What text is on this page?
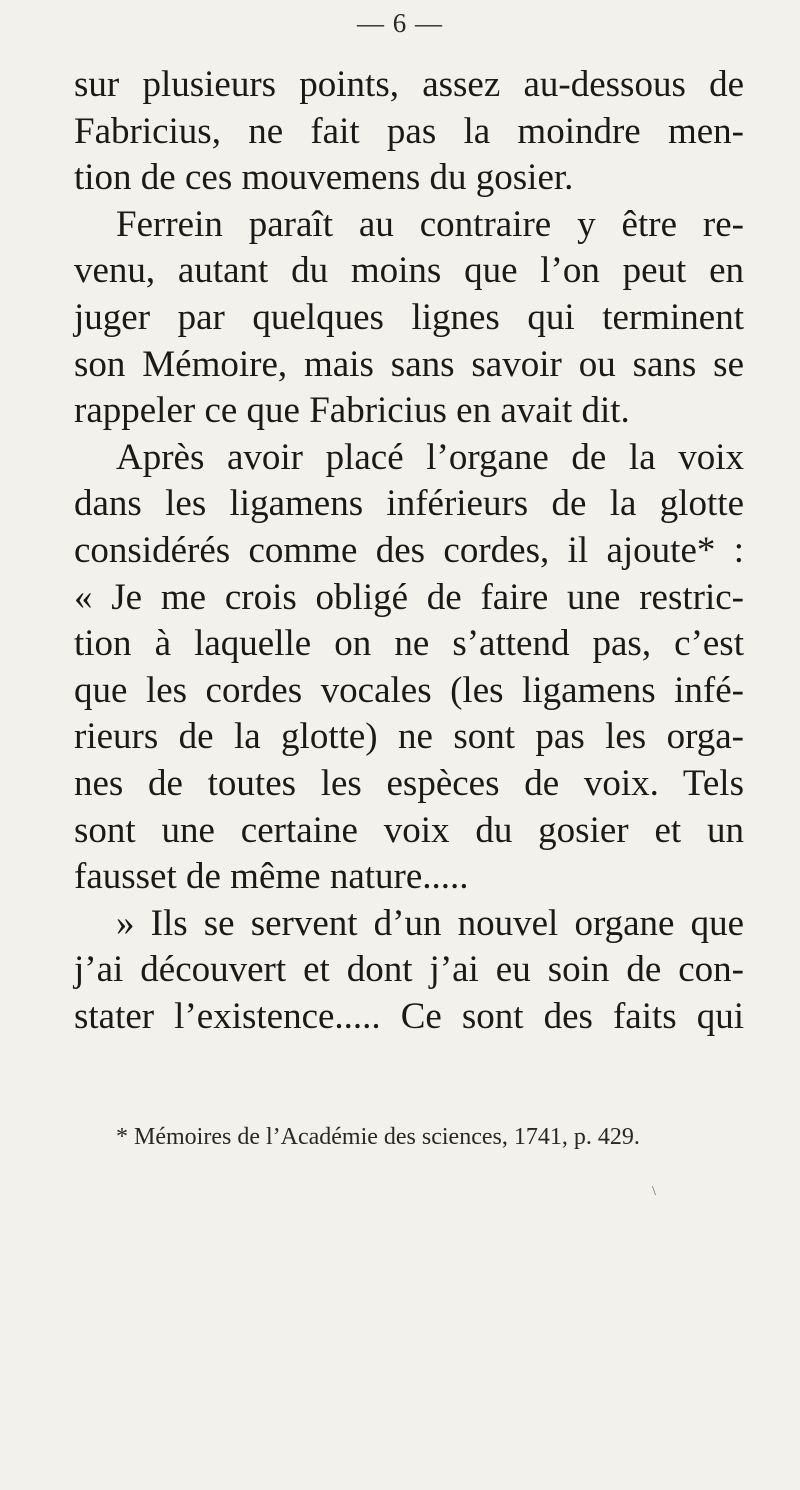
— 6 —
sur plusieurs points, assez au-dessous de
Fabricius, ne fait pas la moindre men-
tion de ces mouvemens du gosier.
Ferrein paraît au contraire y être re-
venu, autant du moins que l’on peut en
juger par quelques lignes qui terminent
son Mémoire, mais sans savoir ou sans se
rappeler ce que Fabricius en avait dit.
Après avoir placé l’organe de la voix
dans les ligamens inférieurs de la glotte
considérés comme des cordes, il ajoute* :
« Je me crois obligé de faire une restric-
tion à laquelle on ne s’attend pas, c’est
que les cordes vocales (les ligamens infé-
rieurs de la glotte) ne sont pas les orga-
nes de toutes les espèces de voix. Tels
sont une certaine voix du gosier et un
fausset de même nature.....
» Ils se servent d’un nouvel organe que
j’ai découvert et dont j’ai eu soin de con-
stater l’existence..... Ce sont des faits qui
* Mémoires de l’Académie des sciences, 1741, p. 429.
\
